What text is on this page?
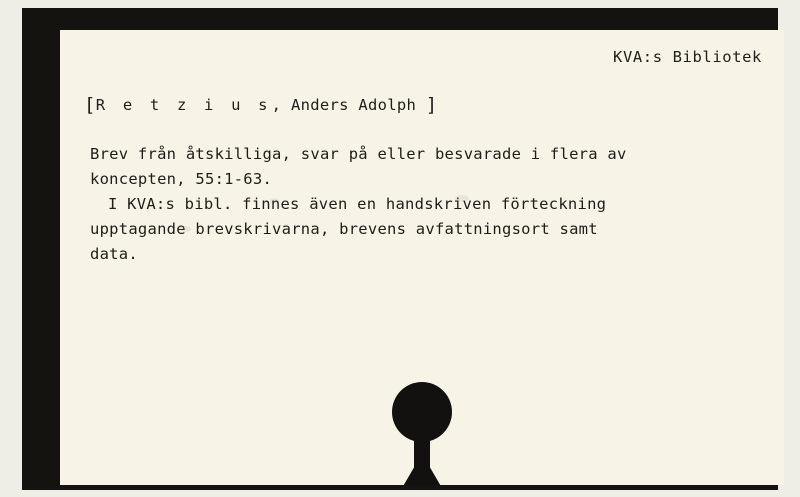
KVA:s Bibliotek
[R e t z i u s, Anders Adolph ]

Brev från åtskilliga, svar på eller besvarade i flera av

koncepten, 55:1-63.

I KVA:s bibl. finnes även en handskriven förteckning

upptagande brevskrivarna, brevens avfattningsort samt

data.
